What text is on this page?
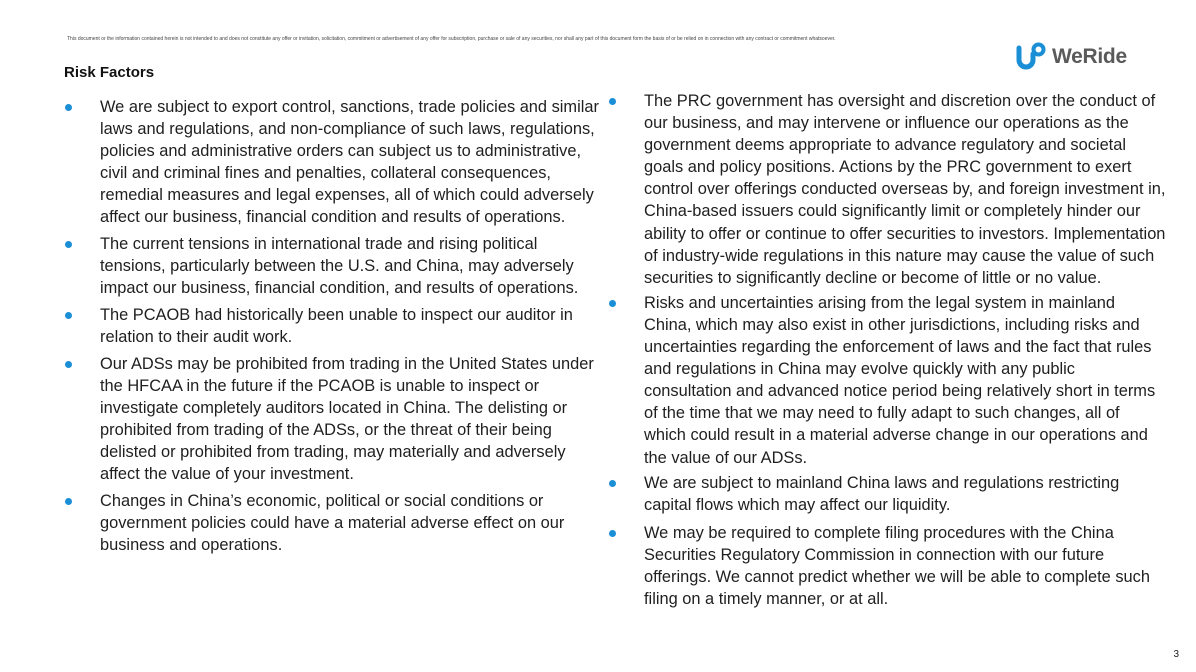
This document or the information contained herein is not intended to and does not constitute any offer or invitation, solicitation, commitment or advertisement of any offer for subscription, purchase or sale of any securities, nor shall any part of this document form the basis of or be relied on in connection with any contract or commitment whatsoever.
WeRide
Risk Factors
We are subject to export control, sanctions, trade policies and similar laws and regulations, and non-compliance of such laws, regulations, policies and administrative orders can subject us to administrative, civil and criminal fines and penalties, collateral consequences, remedial measures and legal expenses, all of which could adversely affect our business, financial condition and results of operations.
The current tensions in international trade and rising political tensions, particularly between the U.S. and China, may adversely impact our business, financial condition, and results of operations.
The PCAOB had historically been unable to inspect our auditor in relation to their audit work.
Our ADSs may be prohibited from trading in the United States under the HFCAA in the future if the PCAOB is unable to inspect or investigate completely auditors located in China. The delisting or prohibited from trading of the ADSs, or the threat of their being delisted or prohibited from trading, may materially and adversely affect the value of your investment.
Changes in China’s economic, political or social conditions or government policies could have a material adverse effect on our business and operations.
The PRC government has oversight and discretion over the conduct of our business, and may intervene or influence our operations as the government deems appropriate to advance regulatory and societal goals and policy positions. Actions by the PRC government to exert control over offerings conducted overseas by, and foreign investment in, China-based issuers could significantly limit or completely hinder our ability to offer or continue to offer securities to investors. Implementation of industry-wide regulations in this nature may cause the value of such securities to significantly decline or become of little or no value.
Risks and uncertainties arising from the legal system in mainland China, which may also exist in other jurisdictions, including risks and uncertainties regarding the enforcement of laws and the fact that rules and regulations in China may evolve quickly with any public consultation and advanced notice period being relatively short in terms of the time that we may need to fully adapt to such changes, all of which could result in a material adverse change in our operations and the value of our ADSs.
We are subject to mainland China laws and regulations restricting capital flows which may affect our liquidity.
We may be required to complete filing procedures with the China Securities Regulatory Commission in connection with our future offerings. We cannot predict whether we will be able to complete such filing on a timely manner, or at all.
3
